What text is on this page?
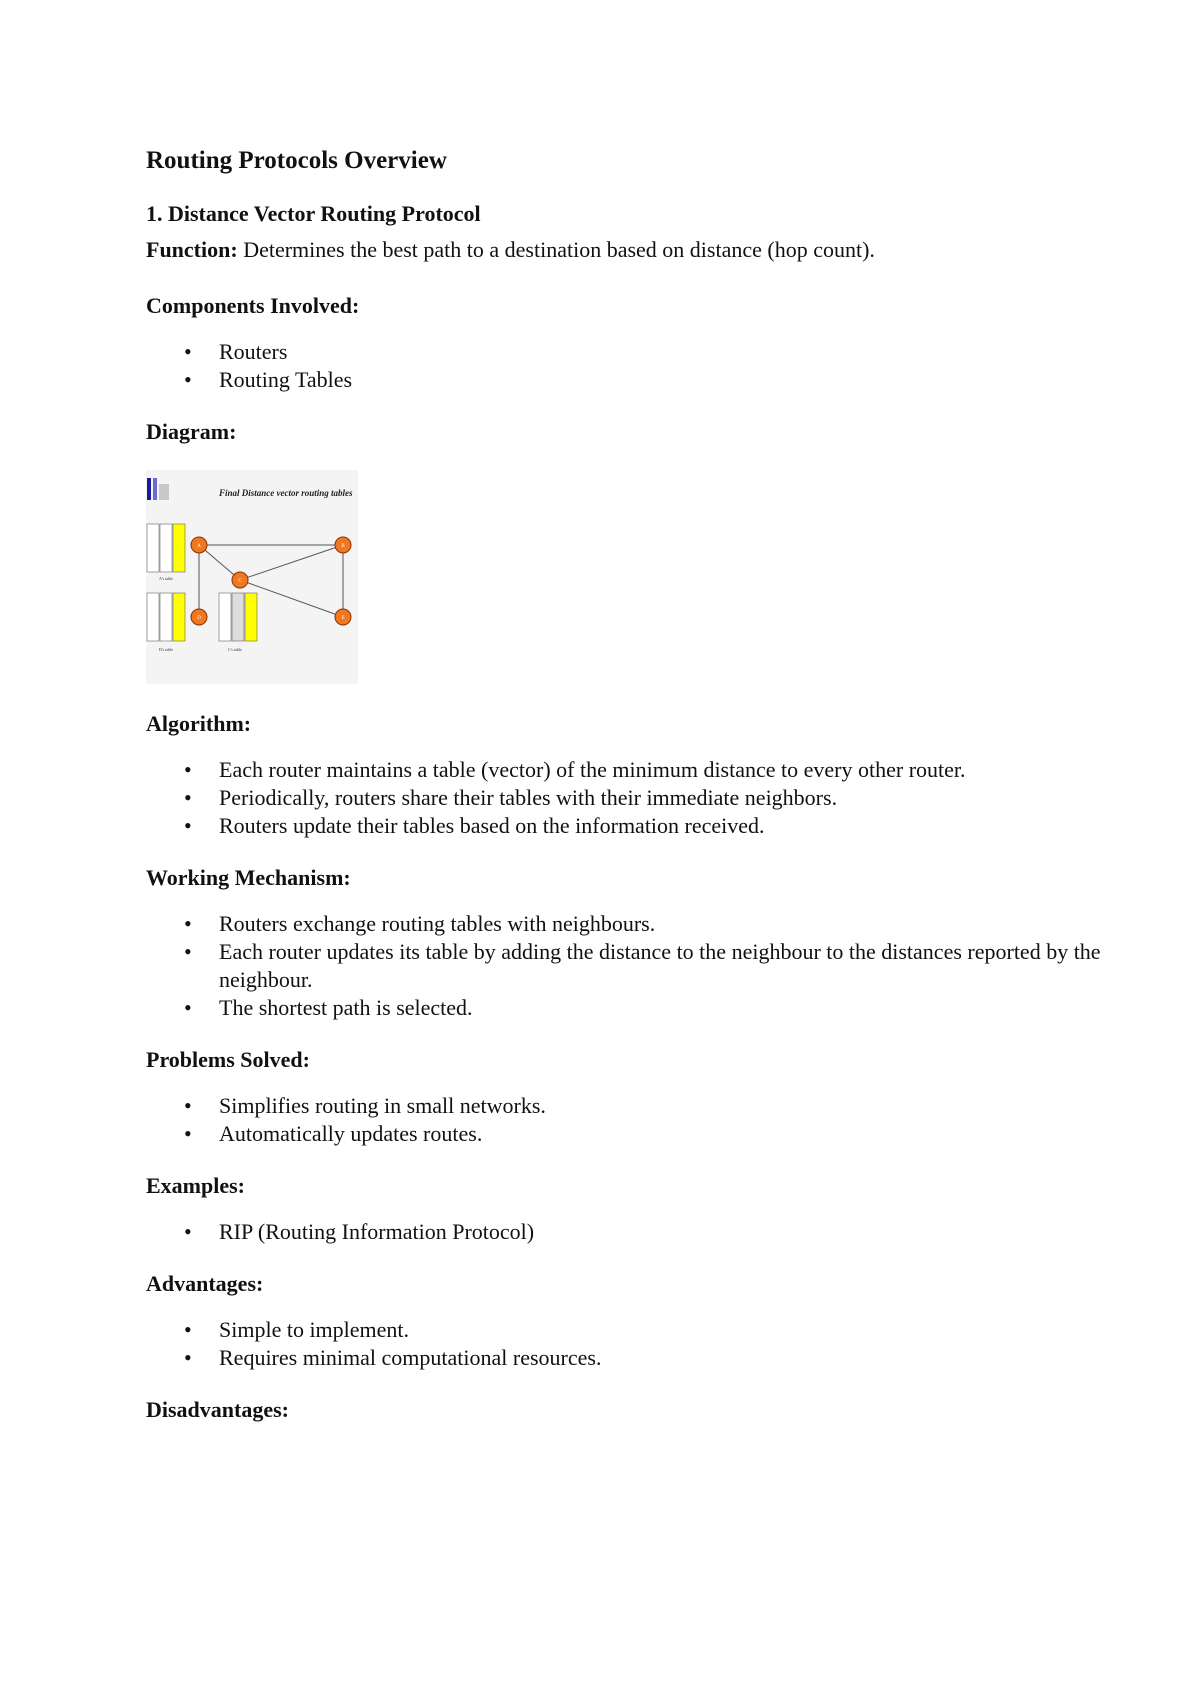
Routing Protocols Overview
1. Distance Vector Routing Protocol

Function: Determines the best path to a destination based on distance (hop count).

Components Involved:
• Routers
• Routing Tables
Diagram:
Final Distance vector routing tables
A's table
D's table	C's table
A	B
C
D	E
Algorithm:
• Each router maintains a table (vector) of the minimum distance to every other router.
• Periodically, routers share their tables with their immediate neighbors.
• Routers update their tables based on the information received.
Working Mechanism:
• Routers exchange routing tables with neighbours.
• Each router updates its table by adding the distance to the neighbour to the distances reported by the neighbour.
• The shortest path is selected.
Problems Solved:
• Simplifies routing in small networks.
• Automatically updates routes.
Examples:
• RIP (Routing Information Protocol)
Advantages:
• Simple to implement.
• Requires minimal computational resources.
Disadvantages:
